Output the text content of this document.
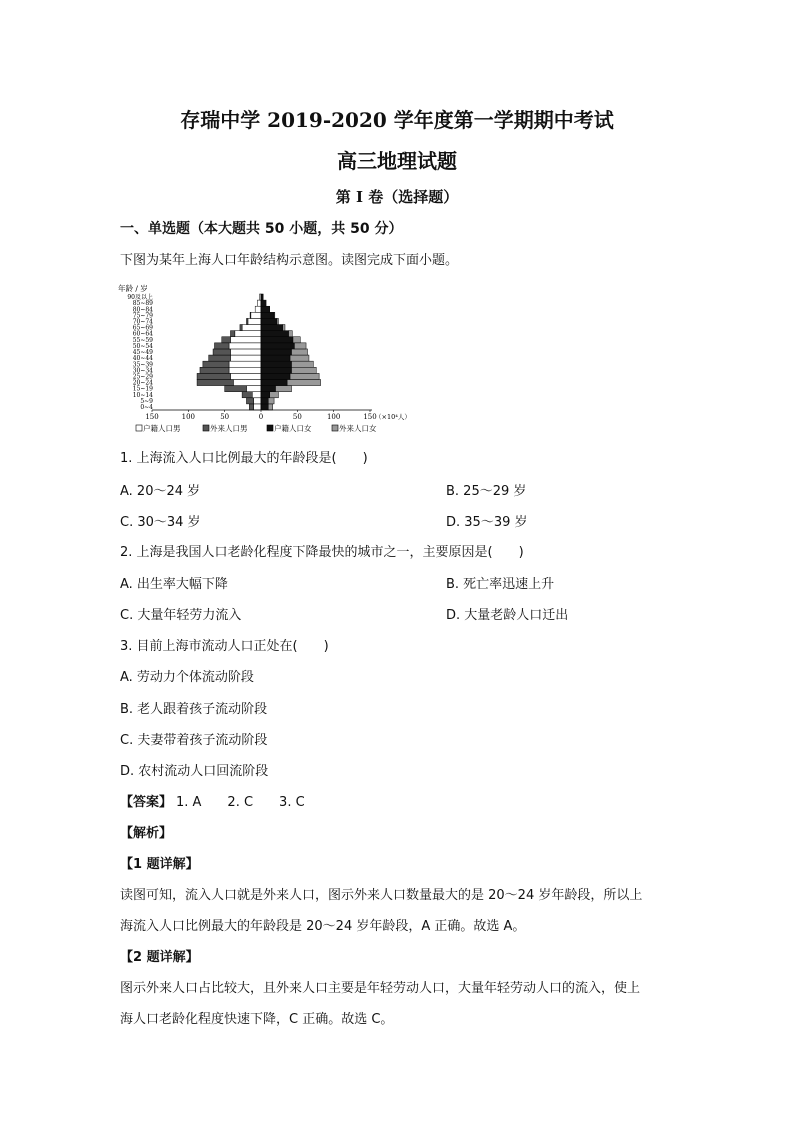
存瑞中学 2019-2020 学年度第一学期期中考试
高三地理试题
第 I 卷（选择题）
一、单选题（本大题共 50 小题，共 50 分）
下图为某年上海人口年龄结构示意图。读图完成下面小题。
年龄 / 岁
0~4
5~9
10~14
15~19
20~24
25~29
30~34
35~39
40~44
45~49
50~54
55~59
60~64
65~69
70~74
75~79
80~84
85~89
90及以上
150	100	50	0	50	100	150
（×10⁴人）
户籍人口男	外来人口男	户籍人口女	外来人口女
1. 上海流入人口比例最大的年龄段是(　　)
A. 20～24 岁	B. 25～29 岁
C. 30～34 岁	D. 35～39 岁
2. 上海是我国人口老龄化程度下降最快的城市之一，主要原因是(　　)
A. 出生率大幅下降	B. 死亡率迅速上升
C. 大量年轻劳力流入	D. 大量老龄人口迁出
3. 目前上海市流动人口正处在(　　)
A. 劳动力个体流动阶段
B. 老人跟着孩子流动阶段
C. 夫妻带着孩子流动阶段
D. 农村流动人口回流阶段
【答案】 1. A　　2. C　　3. C
【解析】
【1 题详解】
读图可知，流入人口就是外来人口，图示外来人口数量最大的是 20～24 岁年龄段，所以上
海流入人口比例最大的年龄段是 20～24 岁年龄段，A 正确。故选 A。
【2 题详解】
图示外来人口占比较大，且外来人口主要是年轻劳动人口，大量年轻劳动人口的流入，使上
海人口老龄化程度快速下降，C 正确。故选 C。
